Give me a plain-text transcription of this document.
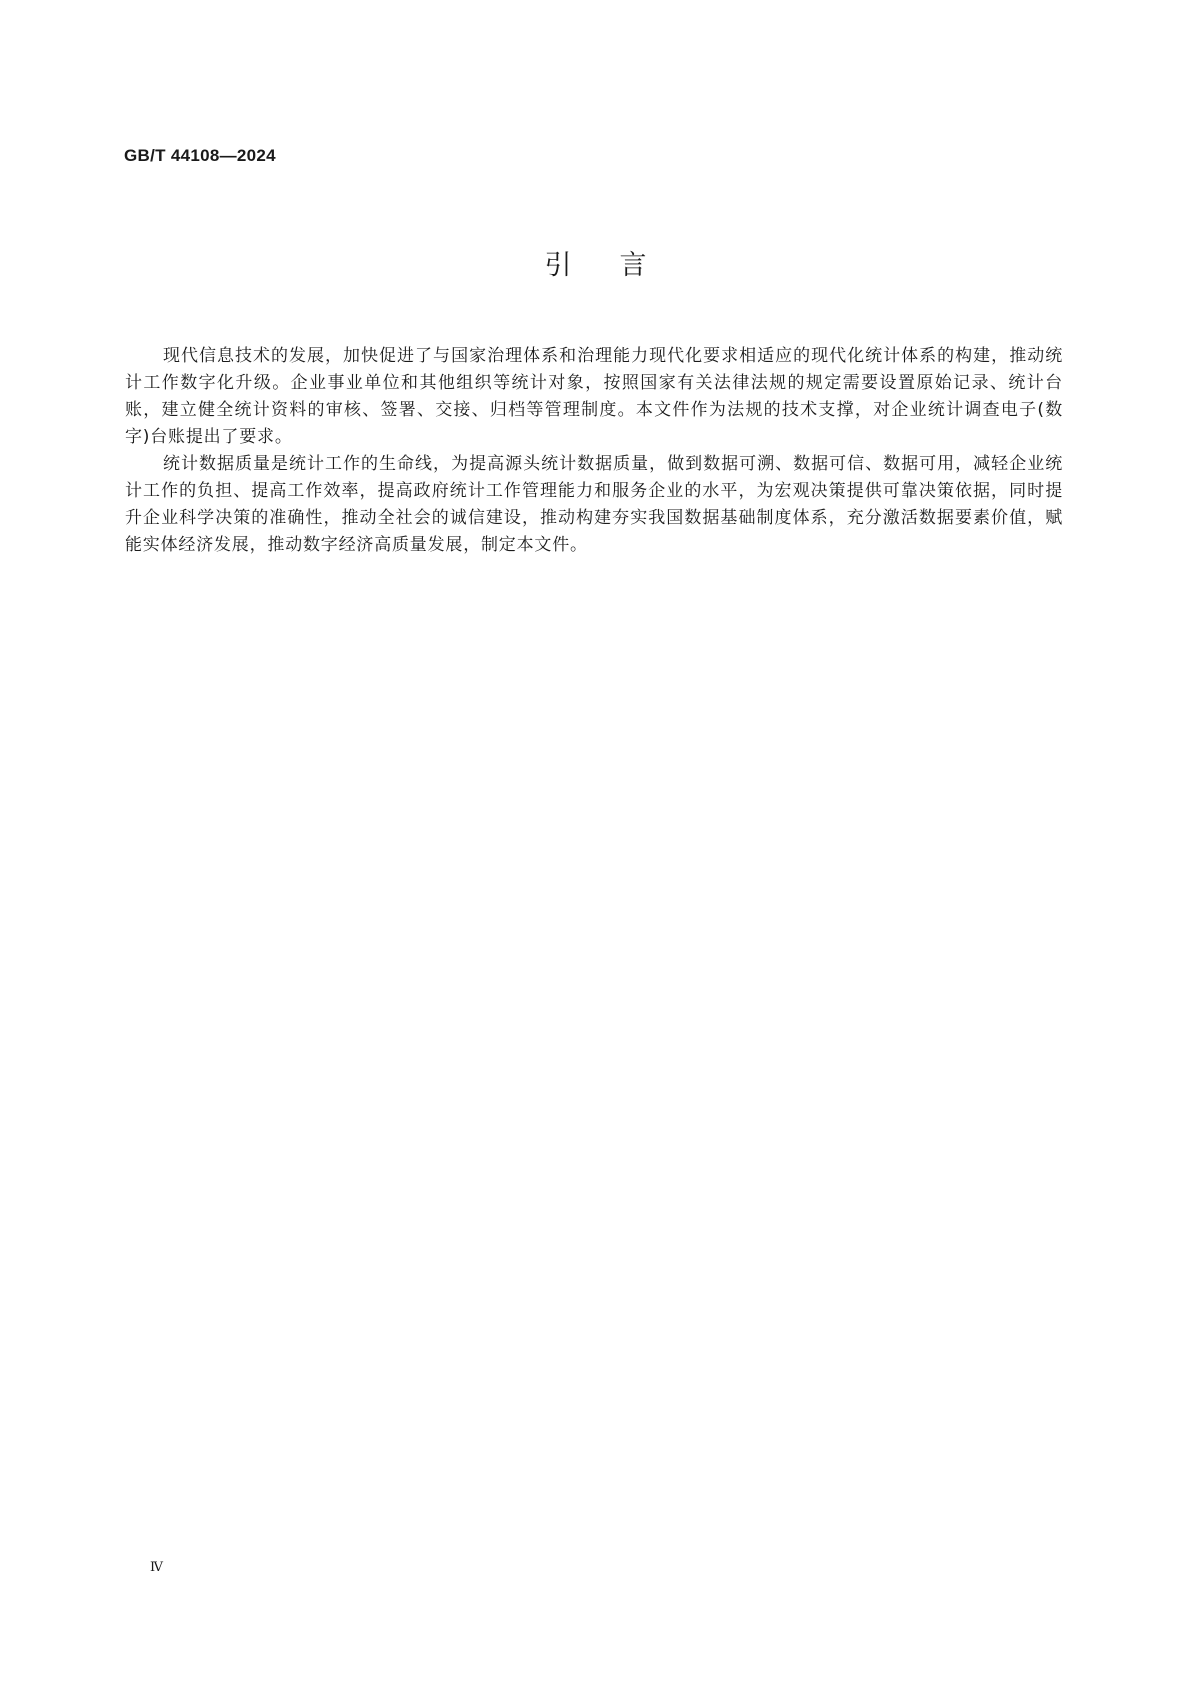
GB/T 44108—2024
引言

现代信息技术的发展，加快促进了与国家治理体系和治理能力现代化要求相适应的现代化统计体系的构建，推动统计工作数字化升级。企业事业单位和其他组织等统计对象，按照国家有关法律法规的规定需要设置原始记录、统计台账，建立健全统计资料的审核、签署、交接、归档等管理制度。本文件作为法规的技术支撑，对企业统计调查电子(数字)台账提出了要求。

统计数据质量是统计工作的生命线，为提高源头统计数据质量，做到数据可溯、数据可信、数据可用，减轻企业统计工作的负担、提高工作效率，提高政府统计工作管理能力和服务企业的水平，为宏观决策提供可靠决策依据，同时提升企业科学决策的准确性，推动全社会的诚信建设，推动构建夯实我国数据基础制度体系，充分激活数据要素价值，赋能实体经济发展，推动数字经济高质量发展，制定本文件。

Ⅳ
